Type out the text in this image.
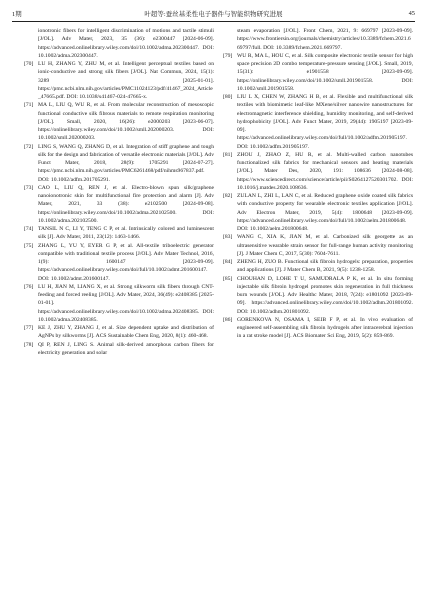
1期	叶超等:蚕丝基柔性电子器件与智能织物研究进展	45
ionotronic fibers for intelligent discrimination of motions and tactile stimuli [J/OL]. Adv Mater, 2023, 35 (36): e2300447 [2024-06-09]. https://advanced.onlinelibrary.wiley.com/doi/10.1002/adma.202300447. DOI: 10.1002/adma.202300447.
[70] LU H, ZHANG Y, ZHU M, et al. Intelligent perceptual textiles based on ionic-conductive and strong silk fibers [J/OL]. Nat Commun, 2024, 15(1): 3289 [2025-01-01]. https://pmc.ncbi.nlm.nih.gov/articles/PMC11024123/pdf/41467_2024_Article_47665.pdf. DOI: 10.1038/s41467-024-47665-x.
[71] MA L, LIU Q, WU R, et al. From molecular reconstruction of mesoscopic functional conductive silk fibrous materials to remote respiration monitoring [J/OL]. Small, 2020, 16(26): e2000203 [2023-06-07]. https://onlinelibrary.wiley.com/doi/10.1002/smll.202000203. DOI: 10.1002/smll.202000203.
[72] LING S, WANG Q, ZHANG D, et al. Integration of stiff graphene and tough silk for the design and fabrication of versatile electronic materials [J/OL]. Adv Funct Mater, 2018, 28(9): 1705291 [2024-07-27]. https://pmc.ncbi.nlm.nih.gov/articles/PMC6261468/pdf/nihms967837.pdf. DOI: 10.1002/adfm.201705291.
[73] CAO L, LIU Q, REN J, et al. Electro-blown spun silk/graphene nanoionotronic skin for multifunctional fire protection and alarm [J]. Adv Mater, 2021, 33 (38): e2102500 [2024-09-08]. https://onlinelibrary.wiley.com/doi/10.1002/adma.202102500. DOI: 10.1002/adma.202102500.
[74] TANSIL N C, LI Y, TENG C P, et al. Intrinsically colored and luminescent silk [J]. Adv Mater, 2011, 23(12): 1463-1466.
[75] ZHANG L, YU Y, EYER G P, et al. All-textile triboelectric generator compatible with traditional textile process [J/OL]. Adv Mater Technol, 2016, 1(9): 1600147 [2023-09-09]. https://advanced.onlinelibrary.wiley.com/doi/full/10.1002/admt.201600147. DOI: 10.1002/admt.201600147.
[76] LU H, JIAN M, LIANG X, et al. Strong silkworm silk fibers through CNT-feeding and forced reeling [J/OL]. Adv Mater, 2024, 36(49): e2408385 [2025-01-01]. https://advanced.onlinelibrary.wiley.com/doi/10.1002/adma.202408385. DOI: 10.1002/adma.202408385.
[77] KE J, ZHU Y, ZHANG J, et al. Size dependent uptake and distribution of AgNPs by silkworms [J]. ACS Sustainable Chem Eng, 2020, 8(1): 460-468.
[78] QI P, REN J, LING S. Animal silk-derived amorphous carbon fibers for electricity generation and solar
steam evaporation [J/OL]. Front Chem, 2021, 9: 669797 [2023-09-09]. https://www.frontiersin.org/journals/chemistry/articles/10.3389/fchem.2021.669797/full. DOI: 10.3389/fchem.2021.669797.
[79] WU R, MA L, HOU C, et al. Silk composite electronic textile sensor for high space precision 2D combo temperature-pressure sensing [J/OL]. Small, 2019, 15(31): e1901558 [2023-09-09]. https://onlinelibrary.wiley.com/doi/10.1002/smll.201901558. DOI: 10.1002/smll.201901558.
[80] LIU L X, CHEN W, ZHANG H B, et al. Flexible and multifunctional silk textiles with biomimetic leaf-like MXene/silver nanowire nanostructures for electromagnetic interference shielding, humidity monitoring, and self-derived hydrophobicity [J/OL]. Adv Funct Mater, 2019, 29(44): 1905197 [2023-09-09]. https://advanced.onlinelibrary.wiley.com/doi/full/10.1002/adfm.201905197. DOI: 10.1002/adfm.201905197.
[81] ZHOU J, ZHAO Z, HU R, et al. Multi-walled carbon nanotubes functionalized silk fabrics for mechanical sensors and heating materials [J/OL]. Mater Des, 2020, 191: 108636 [2024-08-08]. https://www.sciencedirect.com/science/article/pii/S0264127520301702. DOI: 10.1016/j.matdes.2020.108636.
[82] ZULAN L, ZHI L, LAN C, et al. Reduced graphene oxide coated silk fabrics with conductive property for wearable electronic textiles application [J/OL]. Adv Electron Mater, 2019, 5(4): 1800648 [2023-09-09]. https://advanced.onlinelibrary.wiley.com/doi/full/10.1002/aelm.201800648. DOI: 10.1002/aelm.201800648.
[83] WANG C, XIA K, JIAN M, et al. Carbonized silk georgette as an ultrasensitive wearable strain sensor for full-range human activity monitoring [J]. J Mater Chem C, 2017, 5(30): 7604-7611.
[84] ZHENG H, ZUO B. Functional silk fibroin hydrogels: preparation, properties and applications [J]. J Mater Chem B, 2021, 9(5): 1238-1258.
[85] CHOUHAN D, LOHE T U, SAMUDRALA P K, et al. In situ forming injectable silk fibroin hydrogel promotes skin regeneration in full thickness burn wounds [J/OL]. Adv Healthc Mater, 2018, 7(24): e1801092 [2023-09-09]. https://advanced.onlinelibrary.wiley.com/doi/10.1002/adhm.201801092. DOI: 10.1002/adhm.201801092.
[86] GORENKOVA N, OSAMA I, SEIB F P, et al. In vivo evaluation of engineered self-assembling silk fibroin hydrogels after intracerebral injection in a rat stroke model [J]. ACS Biomater Sci Eng, 2019, 5(2): 859-869.
